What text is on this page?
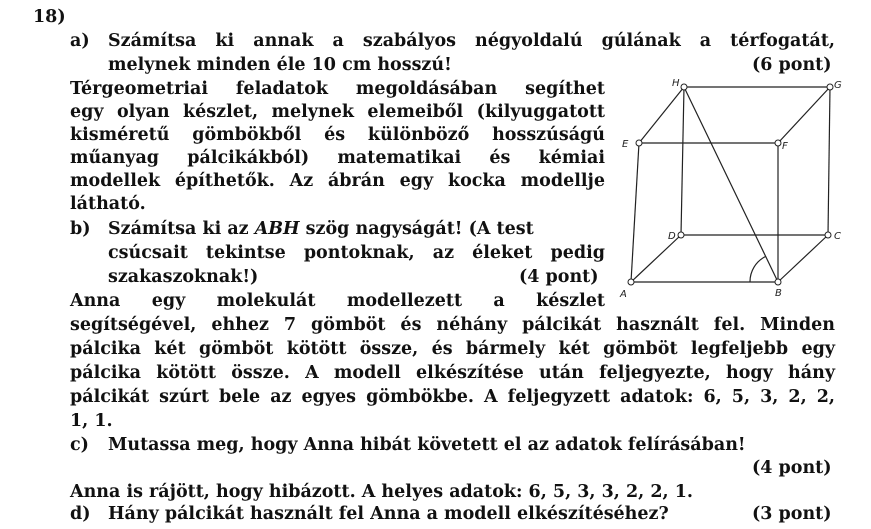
18)
a) Számítsa ki annak a szabályos négyoldalú gúlának a térfogatát,
melynek minden éle 10 cm hosszú!	(6 pont)
Térgeometriai feladatok megoldásában segíthet
egy olyan készlet, melynek elemeiből (kilyuggatott
kisméretű gömbökből és különböző hosszúságú
műanyag pálcikákból) matematikai és kémiai
modellek építhetők. Az ábrán egy kocka modellje
látható.
b) Számítsa ki az ABH szög nagyságát! (A test
csúcsait tekintse pontoknak, az éleket pedig
szakaszoknak!)	(4 pont)
Anna egy molekulát modellezett a készlet
segítségével, ehhez 7 gömböt és néhány pálcikát használt fel. Minden
pálcika két gömböt kötött össze, és bármely két gömböt legfeljebb egy
pálcika kötött össze. A modell elkészítése után feljegyezte, hogy hány
pálcikát szúrt bele az egyes gömbökbe. A feljegyzett adatok: 6, 5, 3, 2, 2,
1, 1.
c) Mutassa meg, hogy Anna hibát követett el az adatok felírásában!
(4 pont)
Anna is rájött, hogy hibázott. A helyes adatok: 6, 5, 3, 3, 2, 2, 1.
d) Hány pálcikát használt fel Anna a modell elkészítéséhez?	(3 pont)
A	B
C
D
E	F
G
H
